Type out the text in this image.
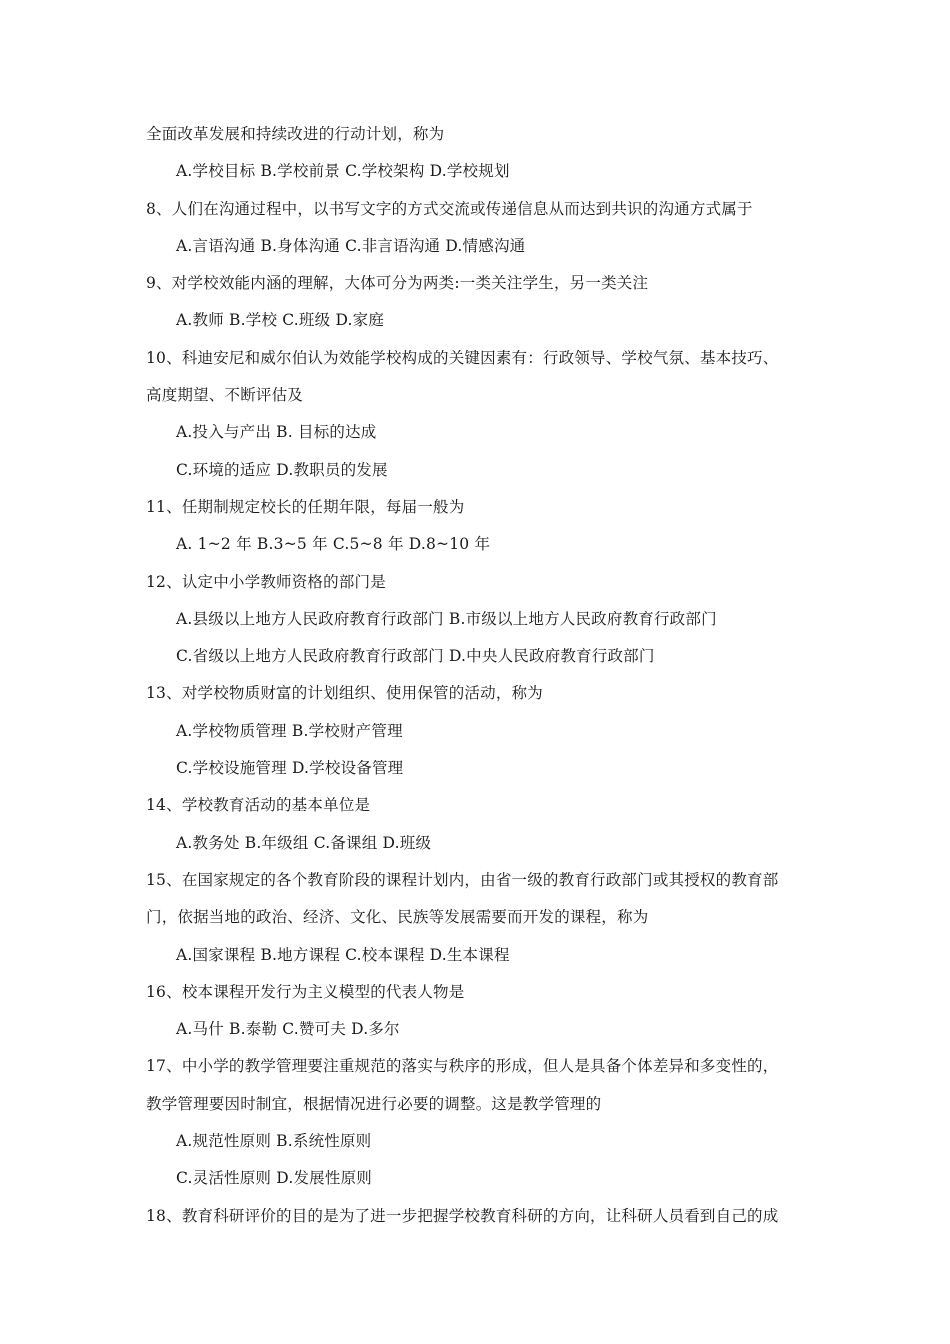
全面改革发展和持续改进的行动计划，称为
A.学校目标 B.学校前景 C.学校架构 D.学校规划
8、人们在沟通过程中，以书写文字的方式交流或传递信息从而达到共识的沟通方式属于
A.言语沟通 B.身体沟通 C.非言语沟通 D.情感沟通
9、对学校效能内涵的理解，大体可分为两类:一类关注学生，另一类关注
A.教师 B.学校 C.班级 D.家庭
10、科迪安尼和威尔伯认为效能学校构成的关键因素有：行政领导、学校气氛、基本技巧、
高度期望、不断评估及
A.投入与产出 B. 目标的达成
C.环境的适应 D.教职员的发展
11、任期制规定校长的任期年限，每届一般为
A. 1~2 年 B.3~5 年 C.5~8 年 D.8~10 年
12、认定中小学教师资格的部门是
A.县级以上地方人民政府教育行政部门 B.市级以上地方人民政府教育行政部门
C.省级以上地方人民政府教育行政部门 D.中央人民政府教育行政部门
13、对学校物质财富的计划组织、使用保管的活动，称为
A.学校物质管理 B.学校财产管理
C.学校设施管理 D.学校设备管理
14、学校教育活动的基本单位是
A.教务处 B.年级组 C.备课组 D.班级
15、在国家规定的各个教育阶段的课程计划内，由省一级的教育行政部门或其授权的教育部
门，依据当地的政治、经济、文化、民族等发展需要而开发的课程，称为
A.国家课程 B.地方课程 C.校本课程 D.生本课程
16、校本课程开发行为主义模型的代表人物是
A.马什 B.泰勒 C.赞可夫 D.多尔
17、中小学的教学管理要注重规范的落实与秩序的形成，但人是具备个体差异和多变性的，
教学管理要因时制宜，根据情况进行必要的调整。这是教学管理的
A.规范性原则 B.系统性原则
C.灵活性原则 D.发展性原则
18、教育科研评价的目的是为了进一步把握学校教育科研的方向，让科研人员看到自己的成
